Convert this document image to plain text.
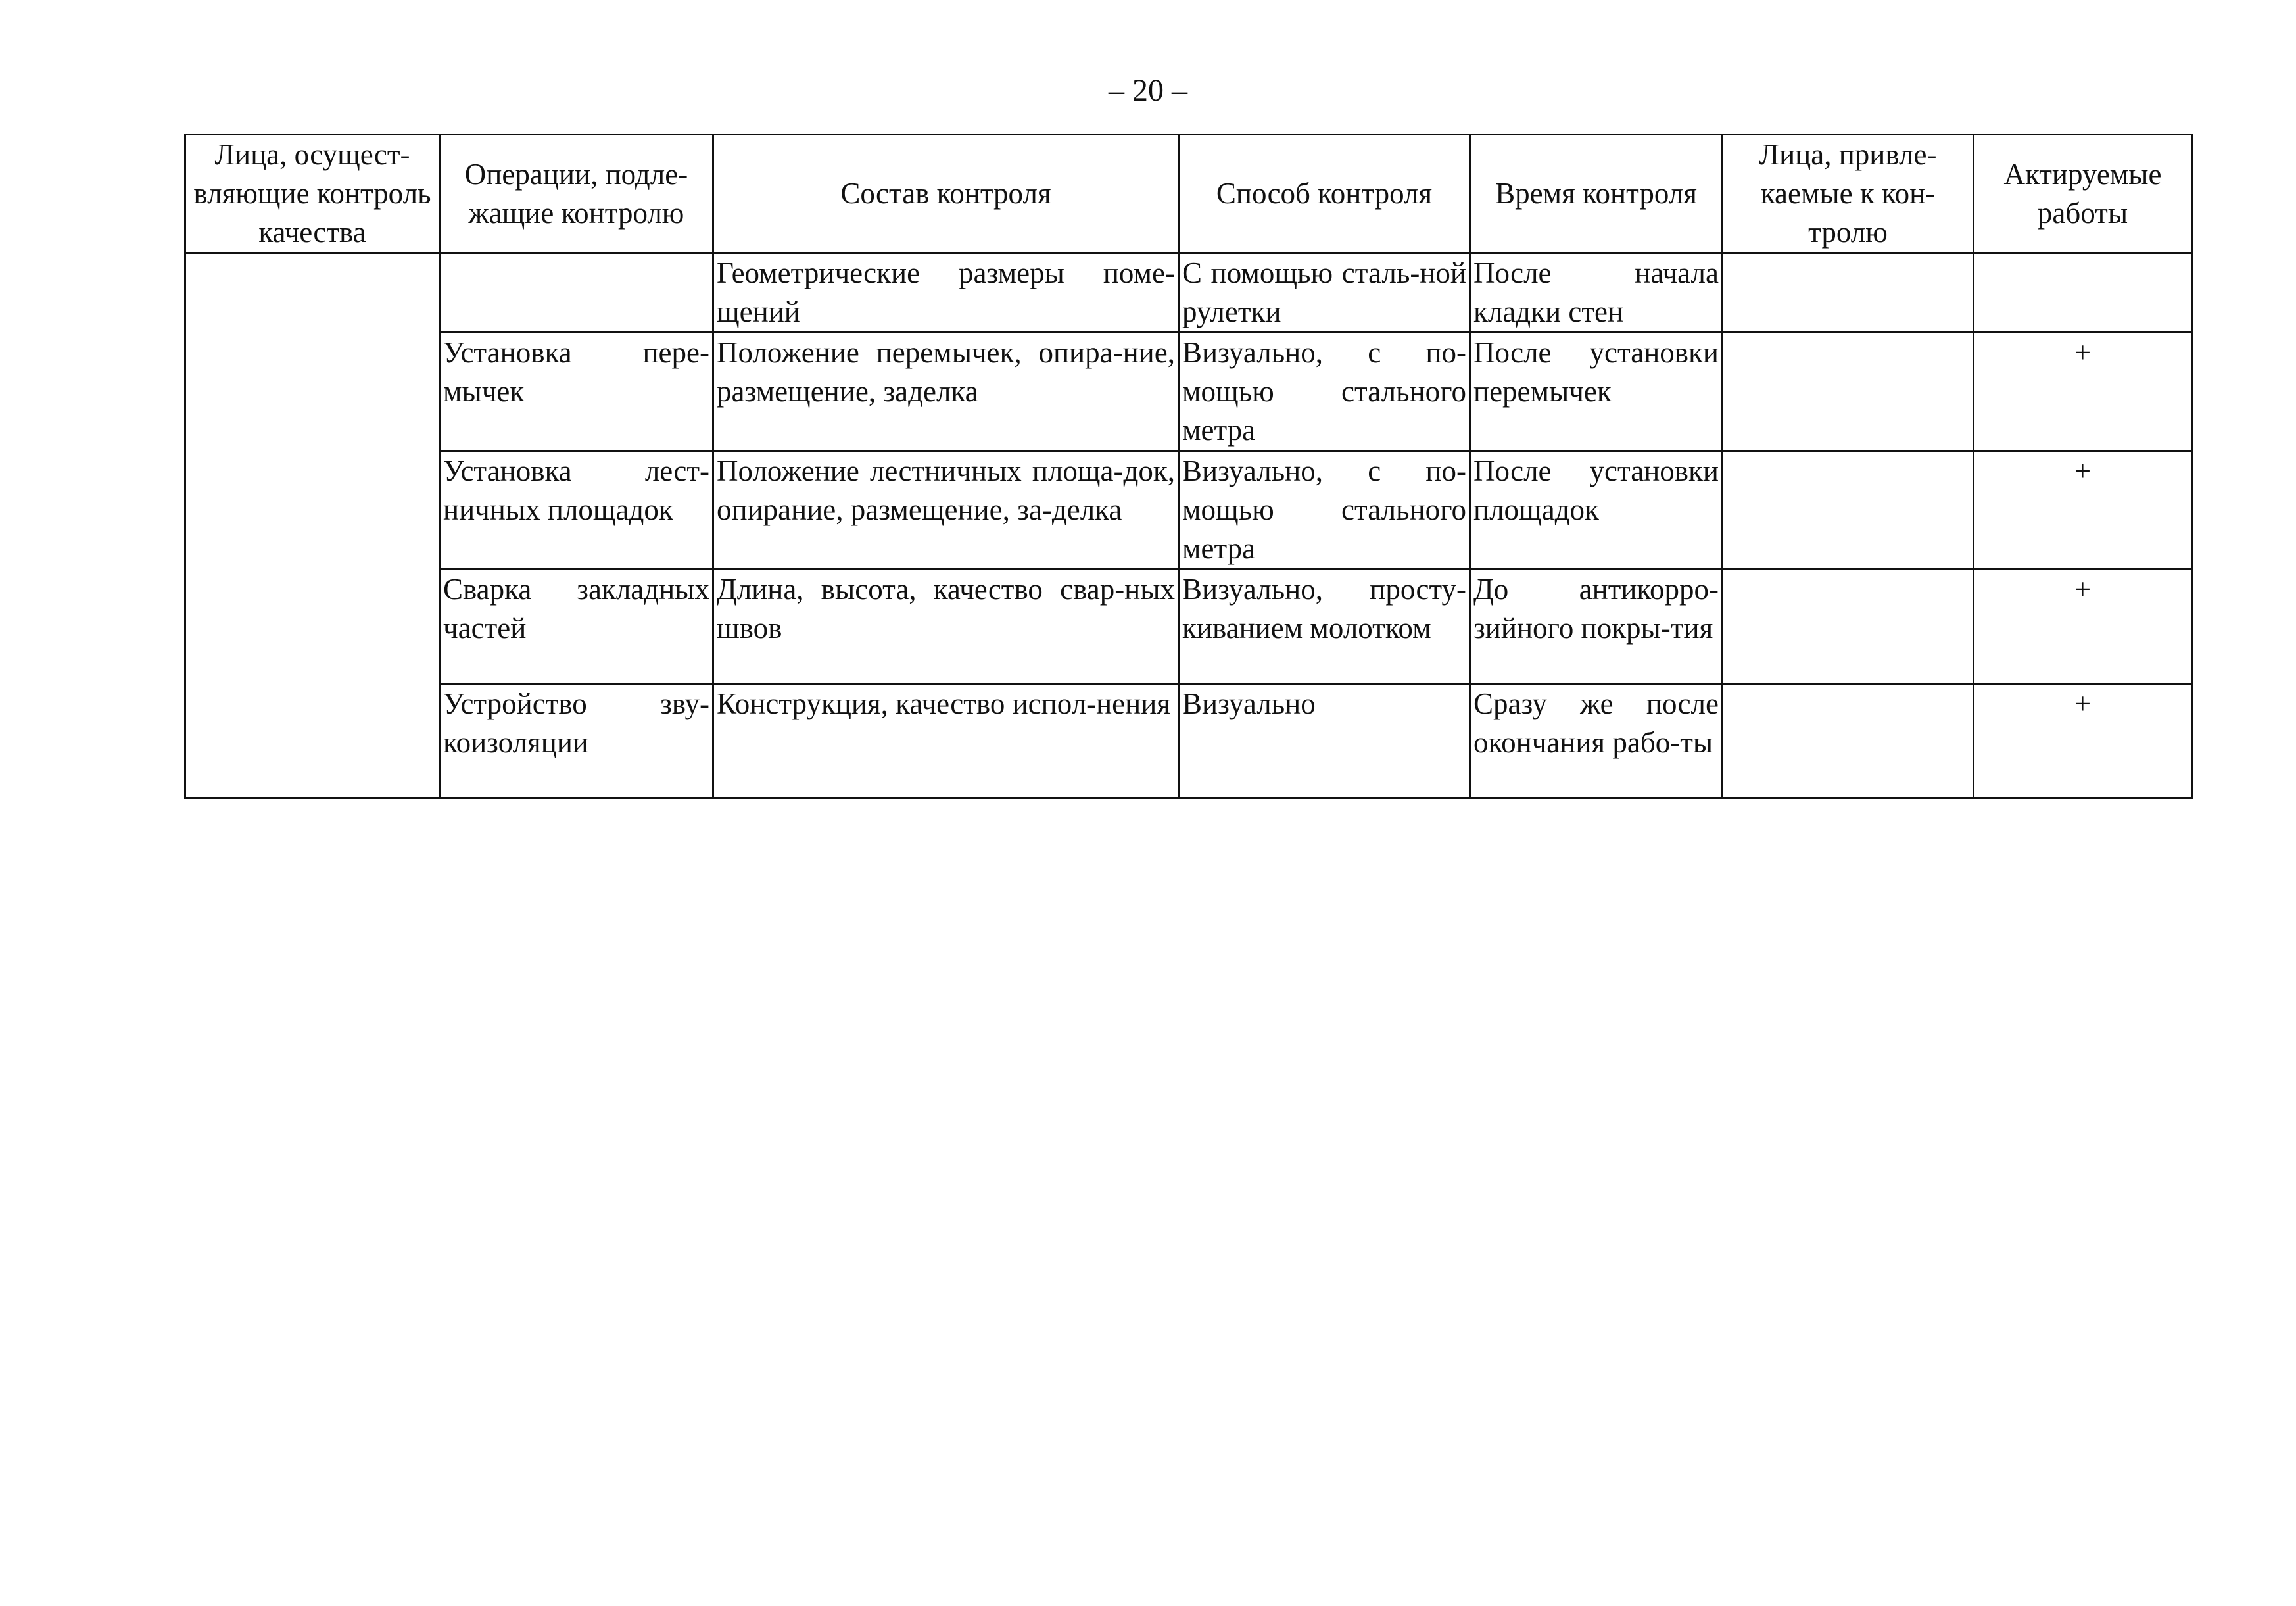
– 20 –
Лица, осуществляющие контроль качества	Операции, подлежащие контролю	Состав контроля	Способ контроля	Время контроля	Лица, привлекаемые к контролю	Актируемые работы
		Геометрические размеры поме-щений	С помощью сталь-ной рулетки	После начала кладки стен		
	Установка пере-мычек	Положение перемычек, опира-ние, размещение, заделка	Визуально, с по-мощью стального метра	После установки перемычек		+
	Установка лест-ничных площадок	Положение лестничных площа-док, опирание, размещение, за-делка	Визуально, с по-мощью стального метра	После установки площадок		+
	Сварка закладных частей	Длина, высота, качество свар-ных швов	Визуально, просту-киванием молотком	До антикорро-зийного покры-тия		+
	Устройство зву-коизоляции	Конструкция, качество испол-нения	Визуально	Сразу же после окончания рабо-ты		+
